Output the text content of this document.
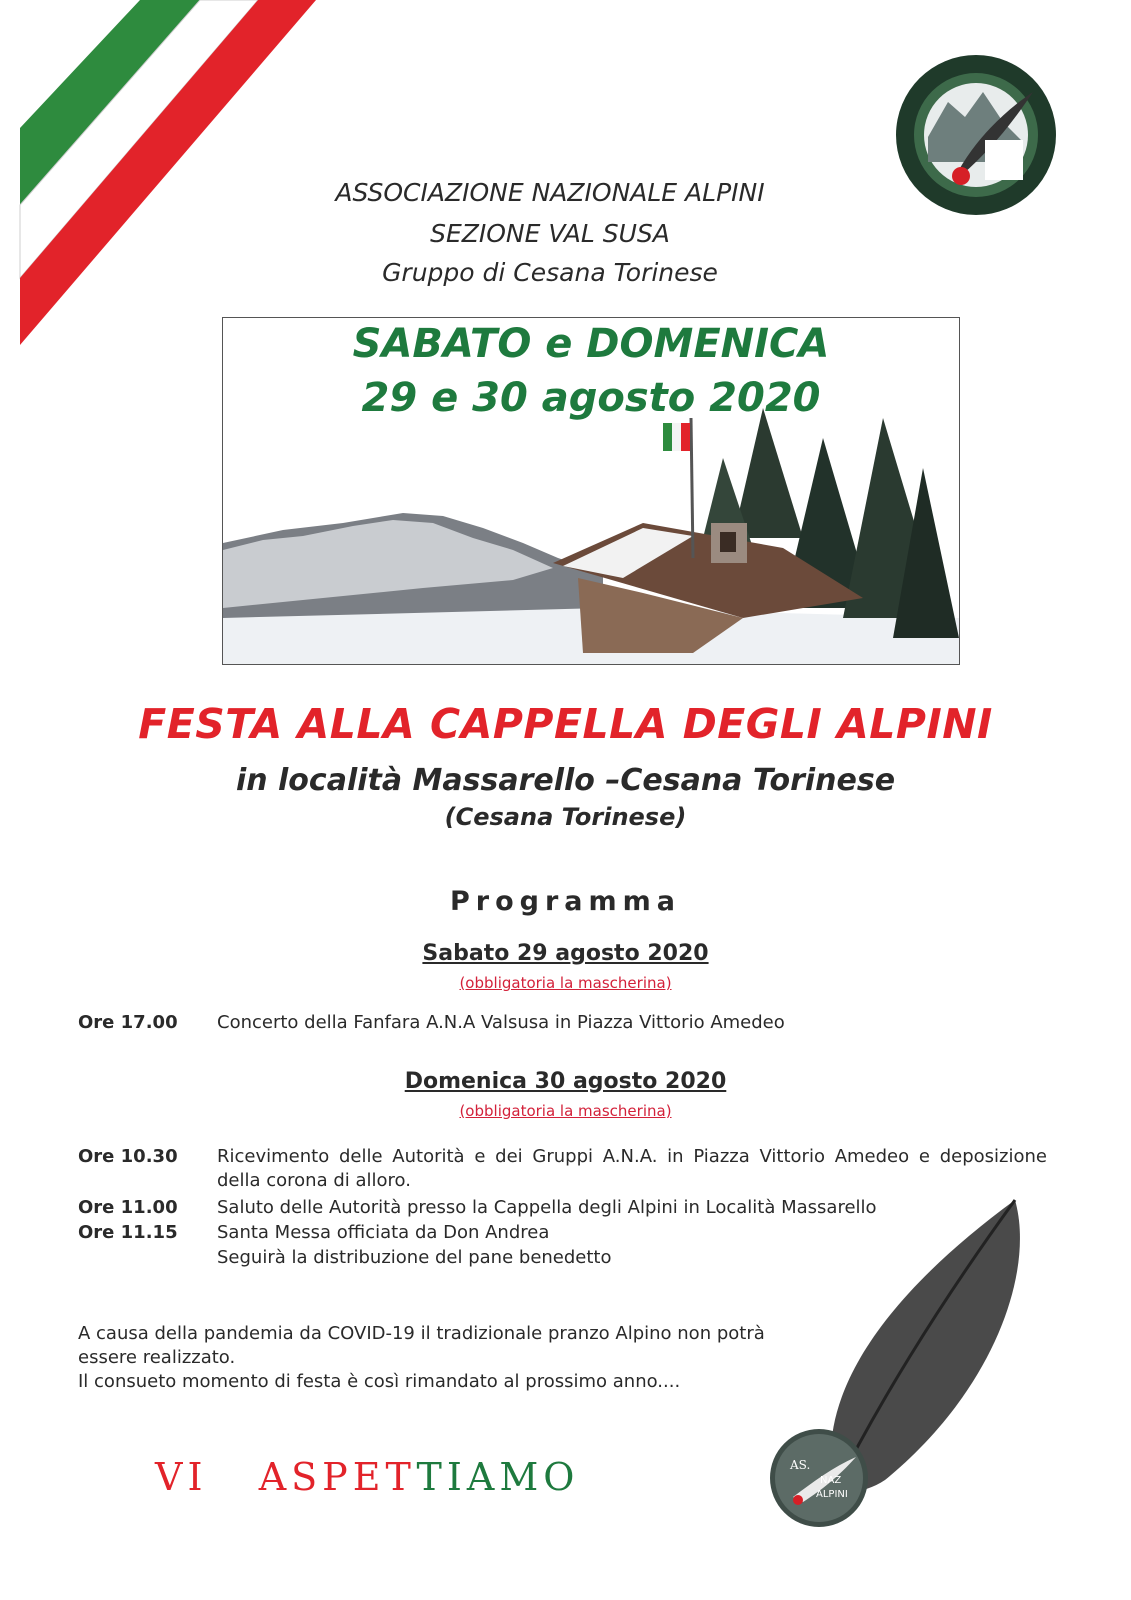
ASSOCIAZIONE NAZIONALE ALPINI
SEZIONE VAL SUSA
Gruppo di Cesana Torinese
SABATO e DOMENICA
29 e 30 agosto 2020
FESTA ALLA CAPPELLA DEGLI ALPINI
in località Massarello –Cesana Torinese
(Cesana Torinese)
Programma
Sabato 29 agosto 2020
(obbligatoria la mascherina)
Ore 17.00 Concerto della Fanfara A.N.A Valsusa in Piazza Vittorio Amedeo
Domenica 30 agosto 2020
(obbligatoria la mascherina)
Ore 10.30 Ricevimento delle Autorità e dei Gruppi A.N.A. in Piazza Vittorio Amedeo e deposizione della corona di alloro.
Ore 11.00 Saluto delle Autorità presso la Cappella degli Alpini in Località Massarello
Ore 11.15 Santa Messa officiata da Don Andrea
Seguirà la distribuzione del pane benedetto
A causa della pandemia da COVID-19 il tradizionale pranzo Alpino non potrà
essere realizzato.
Il consueto momento di festa è così rimandato al prossimo anno....
VI ASPETTIAMO	AS.
NAZ
ALPINI
